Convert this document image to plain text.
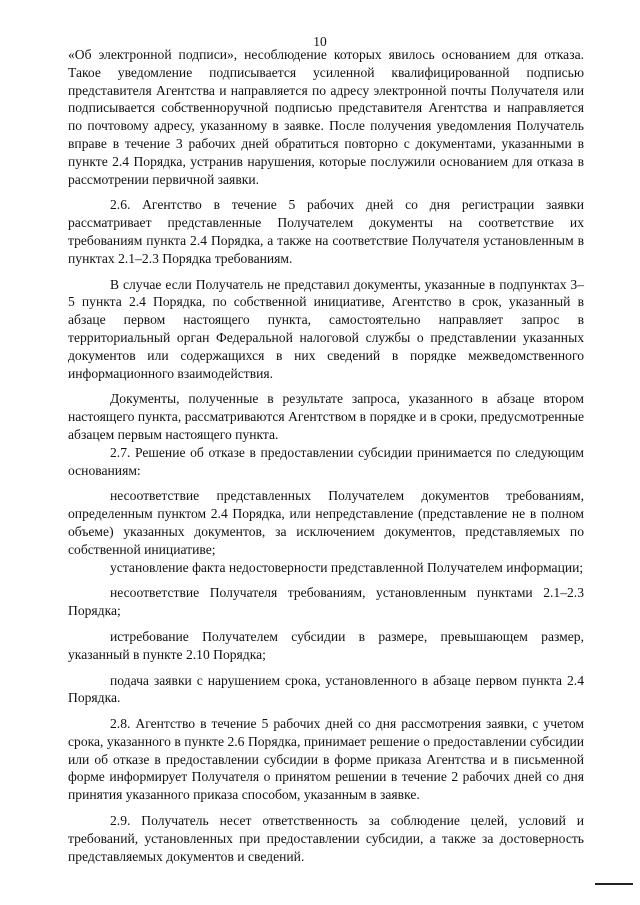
10

«Об электронной подписи», несоблюдение которых явилось основанием для отказа. Такое уведомление подписывается усиленной квалифицированной подписью представителя Агентства и направляется по адресу электронной почты Получателя или подписывается собственноручной подписью представителя Агентства и направляется по почтовому адресу, указанному в заявке. После получения уведомления Получатель вправе в течение 3 рабочих дней обратиться повторно с документами, указанными в пункте 2.4 Порядка, устранив нарушения, которые послужили основанием для отказа в рассмотрении первичной заявки.

2.6. Агентство в течение 5 рабочих дней со дня регистрации заявки рассматривает представленные Получателем документы на соответствие их требованиям пункта 2.4 Порядка, а также на соответствие Получателя установленным в пунктах 2.1–2.3 Порядка требованиям.

В случае если Получатель не представил документы, указанные в подпунктах 3–5 пункта 2.4 Порядка, по собственной инициативе, Агентство в срок, указанный в абзаце первом настоящего пункта, самостоятельно направляет запрос в территориальный орган Федеральной налоговой службы о представлении указанных документов или содержащихся в них сведений в порядке межведомственного информационного взаимодействия.

Документы, полученные в результате запроса, указанного в абзаце втором настоящего пункта, рассматриваются Агентством в порядке и в сроки, предусмотренные абзацем первым настоящего пункта.

2.7. Решение об отказе в предоставлении субсидии принимается по следующим основаниям:

несоответствие представленных Получателем документов требованиям, определенным пунктом 2.4 Порядка, или непредставление (представление не в полном объеме) указанных документов, за исключением документов, представляемых по собственной инициативе;

установление факта недостоверности представленной Получателем информации;

несоответствие Получателя требованиям, установленным пунктами 2.1–2.3 Порядка;

истребование Получателем субсидии в размере, превышающем размер, указанный в пункте 2.10 Порядка;

подача заявки с нарушением срока, установленного в абзаце первом пункта 2.4 Порядка.

2.8. Агентство в течение 5 рабочих дней со дня рассмотрения заявки, с учетом срока, указанного в пункте 2.6 Порядка, принимает решение о предоставлении субсидии или об отказе в предоставлении субсидии в форме приказа Агентства и в письменной форме информирует Получателя о принятом решении в течение 2 рабочих дней со дня принятия указанного приказа способом, указанным в заявке.

2.9. Получатель несет ответственность за соблюдение целей, условий и требований, установленных при предоставлении субсидии, а также за достоверность представляемых документов и сведений.
